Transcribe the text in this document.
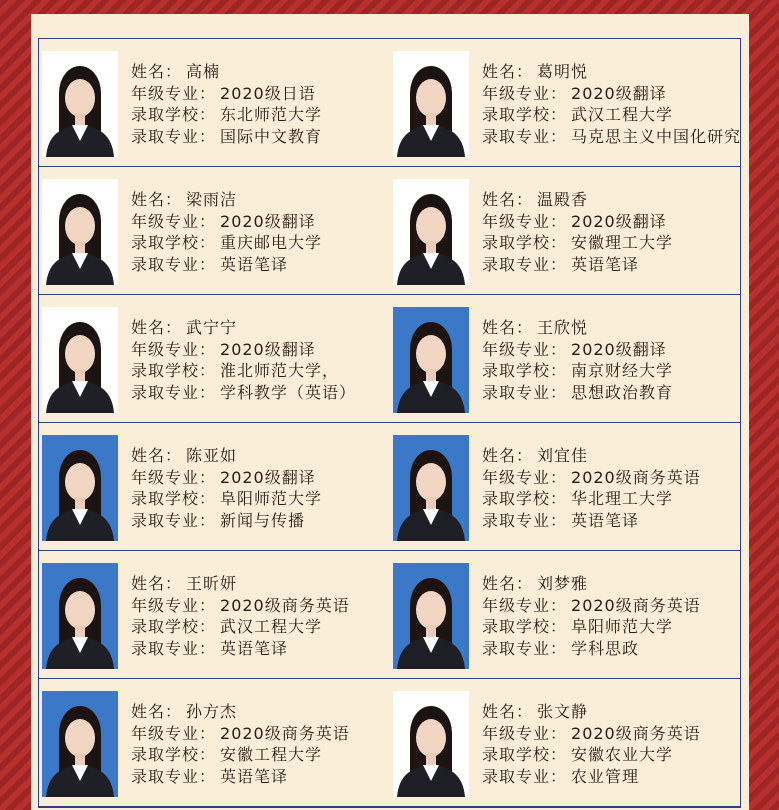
姓名： 高楠
年级专业： 2020级日语
录取学校： 东北师范大学
录取专业： 国际中文教育
姓名： 葛明悦
年级专业： 2020级翻译
录取学校： 武汉工程大学
录取专业： 马克思主义中国化研究
姓名： 梁雨洁
年级专业： 2020级翻译
录取学校： 重庆邮电大学
录取专业： 英语笔译
姓名： 温殿香
年级专业： 2020级翻译
录取学校： 安徽理工大学
录取专业： 英语笔译
姓名： 武宁宁
年级专业： 2020级翻译
录取学校： 淮北师范大学，
录取专业： 学科教学（英语）
姓名： 王欣悦
年级专业： 2020级翻译
录取学校： 南京财经大学
录取专业： 思想政治教育
姓名： 陈亚如
年级专业： 2020级翻译
录取学校： 阜阳师范大学
录取专业： 新闻与传播
姓名： 刘宜佳
年级专业： 2020级商务英语
录取学校： 华北理工大学
录取专业： 英语笔译
姓名： 王昕妍
年级专业： 2020级商务英语
录取学校： 武汉工程大学
录取专业： 英语笔译
姓名： 刘梦雅
年级专业： 2020级商务英语
录取学校： 阜阳师范大学
录取专业： 学科思政
姓名： 孙方杰
年级专业： 2020级商务英语
录取学校： 安徽工程大学
录取专业： 英语笔译
姓名： 张文静
年级专业： 2020级商务英语
录取学校： 安徽农业大学
录取专业： 农业管理
